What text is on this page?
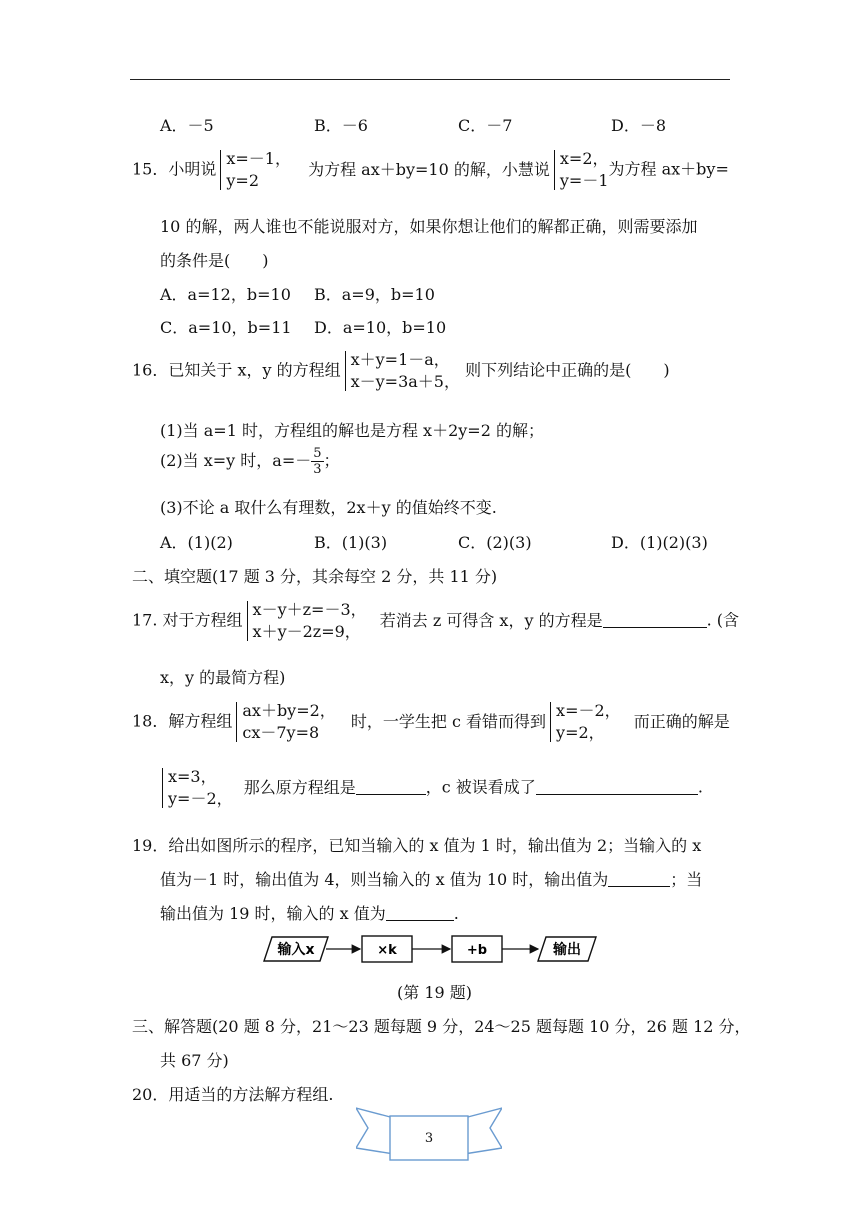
A．－5	B．－6	C．－7	D．－8
15．小明说
x=－1，
y=2
为方程 ax＋by=10 的解，小慧说
x=2，
y=－1
为方程 ax＋by=
10 的解，两人谁也不能说服对方，如果你想让他们的解都正确，则需要添加
的条件是(　　)
A．a=12，b=10 B．a=9，b=10
C．a=10，b=11 D．a=10，b=10
16．已知关于 x，y 的方程组
x＋y=1－a，
x－y=3a＋5，
则下列结论中正确的是(　　)
(1)当 a=1 时，方程组的解也是方程 x＋2y=2 的解；
(2)当 x=y 时，$a=- \frac{5}{3}$ ；
(3)不论 a 取什么有理数，2x＋y 的值始终不变.
A．(1)(2)	B．(1)(3)	C．(2)(3)	D．(1)(2)(3)
二、填空题(17 题 3 分，其余每空 2 分，共 11 分)
17. 对于方程组
x－y＋z=－3，
x＋y－2z=9，
若消去 z 可得含 x，y 的方程是	. (含
x，y 的最简方程)
18．解方程组
ax＋by=2，
cx－7y=8
时，一学生把 c 看错而得到
x=－2，
y=2，
而正确的解是
x=3，
y=－2，
那么原方程组是	，c 被误看成了	.
19．给出如图所示的程序，已知当输入的 x 值为 1 时，输出值为 2；当输入的 x
值为－1 时，输出值为 4，则当输入的 x 值为 10 时，输出值为	；当
输出值为 19 时，输入的 x 值为	.
输入x	×k	+b	输出
(第 19 题)
三、解答题(20 题 8 分，21～23 题每题 9 分，24～25 题每题 10 分，26 题 12 分，
共 67 分)
20．用适当的方法解方程组.
3
